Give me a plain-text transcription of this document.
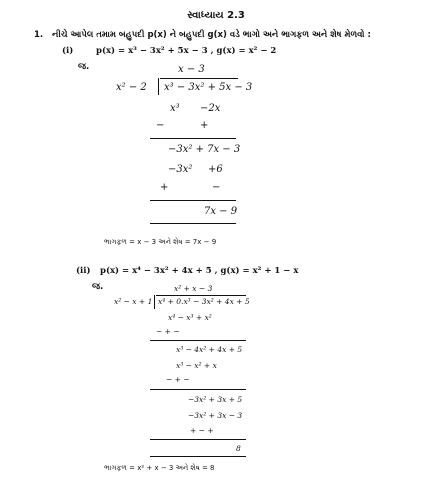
સ્વાધ્યાય 2.3
1. નીચે આપેલ તમામ બહુપદી p(x) ને બહુપદી g(x) વડે ભાગો અને ભાગફળ અને શેષ મેળવો :
(i)	p(x) = x³ − 3x² + 5x − 3 , g(x) = x² − 2
જ.	x − 3
x² − 2 x³ − 3x² + 5x − 3
x³ −2x
−	+
−3x² + 7x − 3
−3x² +6
+	−
7x − 9
ભાગફળ = x − 3 અને શેષ = 7x − 9
(ii) p(x) = x⁴ − 3x² + 4x + 5 , g(x) = x² + 1 − x
જ.	x² + x − 3
x² − x + 1 x⁴ + 0.x³ − 3x² + 4x + 5
x⁴ − x³ + x²
− + −
x³ − 4x² + 4x + 5
x³ − x² + x
− + −
−3x² + 3x + 5
−3x² + 3x − 3
+ − +
8
ભાગફળ = x² + x − 3 અને શેષ = 8
